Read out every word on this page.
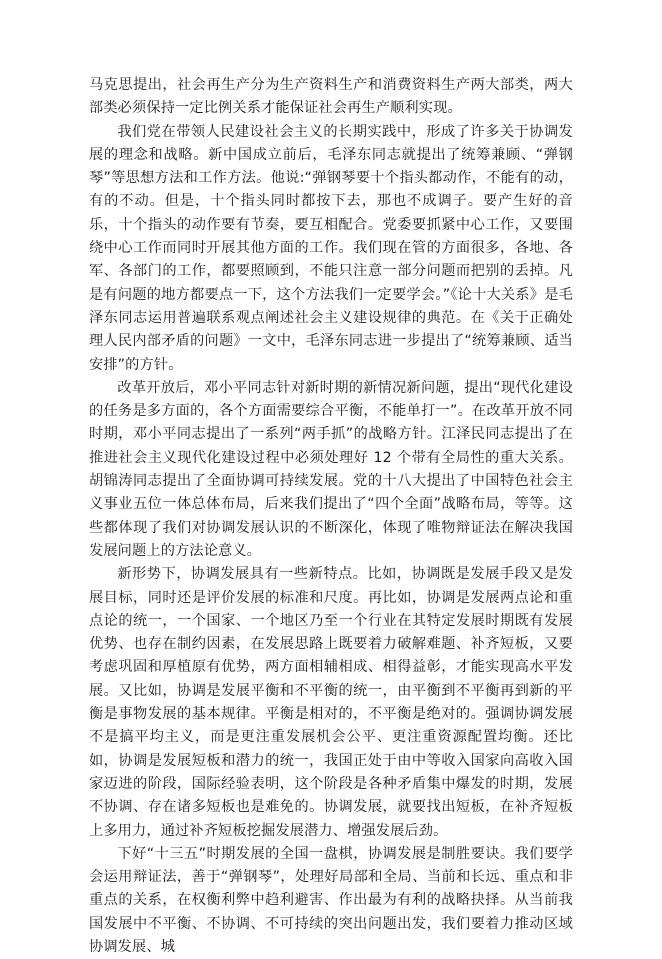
马克思提出，社会再生产分为生产资料生产和消费资料生产两大部类，两大部类必须保持一定比例关系才能保证社会再生产顺利实现。

我们党在带领人民建设社会主义的长期实践中，形成了许多关于协调发展的理念和战略。新中国成立前后，毛泽东同志就提出了统筹兼顾、“弹钢琴”等思想方法和工作方法。他说:“弹钢琴要十个指头都动作，不能有的动，有的不动。但是，十个指头同时都按下去，那也不成调子。要产生好的音乐，十个指头的动作要有节奏，要互相配合。党委要抓紧中心工作，又要围绕中心工作而同时开展其他方面的工作。我们现在管的方面很多，各地、各军、各部门的工作，都要照顾到，不能只注意一部分问题而把别的丢掉。凡是有问题的地方都要点一下，这个方法我们一定要学会。”《论十大关系》是毛泽东同志运用普遍联系观点阐述社会主义建设规律的典范。在《关于正确处理人民内部矛盾的问题》一文中，毛泽东同志进一步提出了“统筹兼顾、适当安排”的方针。

改革开放后，邓小平同志针对新时期的新情况新问题，提出“现代化建设的任务是多方面的，各个方面需要综合平衡，不能单打一”。在改革开放不同时期，邓小平同志提出了一系列“两手抓”的战略方针。江泽民同志提出了在推进社会主义现代化建设过程中必须处理好 12 个带有全局性的重大关系。胡锦涛同志提出了全面协调可持续发展。党的十八大提出了中国特色社会主义事业五位一体总体布局，后来我们提出了“四个全面”战略布局，等等。这些都体现了我们对协调发展认识的不断深化，体现了唯物辩证法在解决我国发展问题上的方法论意义。

新形势下，协调发展具有一些新特点。比如，协调既是发展手段又是发展目标，同时还是评价发展的标准和尺度。再比如，协调是发展两点论和重点论的统一，一个国家、一个地区乃至一个行业在其特定发展时期既有发展优势、也存在制约因素，在发展思路上既要着力破解难题、补齐短板，又要考虑巩固和厚植原有优势，两方面相辅相成、相得益彰，才能实现高水平发展。又比如，协调是发展平衡和不平衡的统一，由平衡到不平衡再到新的平衡是事物发展的基本规律。平衡是相对的，不平衡是绝对的。强调协调发展不是搞平均主义，而是更注重发展机会公平、更注重资源配置均衡。还比如，协调是发展短板和潜力的统一，我国正处于由中等收入国家向高收入国家迈进的阶段，国际经验表明，这个阶段是各种矛盾集中爆发的时期，发展不协调、存在诸多短板也是难免的。协调发展，就要找出短板，在补齐短板上多用力，通过补齐短板挖掘发展潜力、增强发展后劲。

下好“十三五”时期发展的全国一盘棋，协调发展是制胜要诀。我们要学会运用辩证法，善于“弹钢琴”，处理好局部和全局、当前和长远、重点和非重点的关系，在权衡利弊中趋利避害、作出最为有利的战略抉择。从当前我国发展中不平衡、不协调、不可持续的突出问题出发，我们要着力推动区域协调发展、城
